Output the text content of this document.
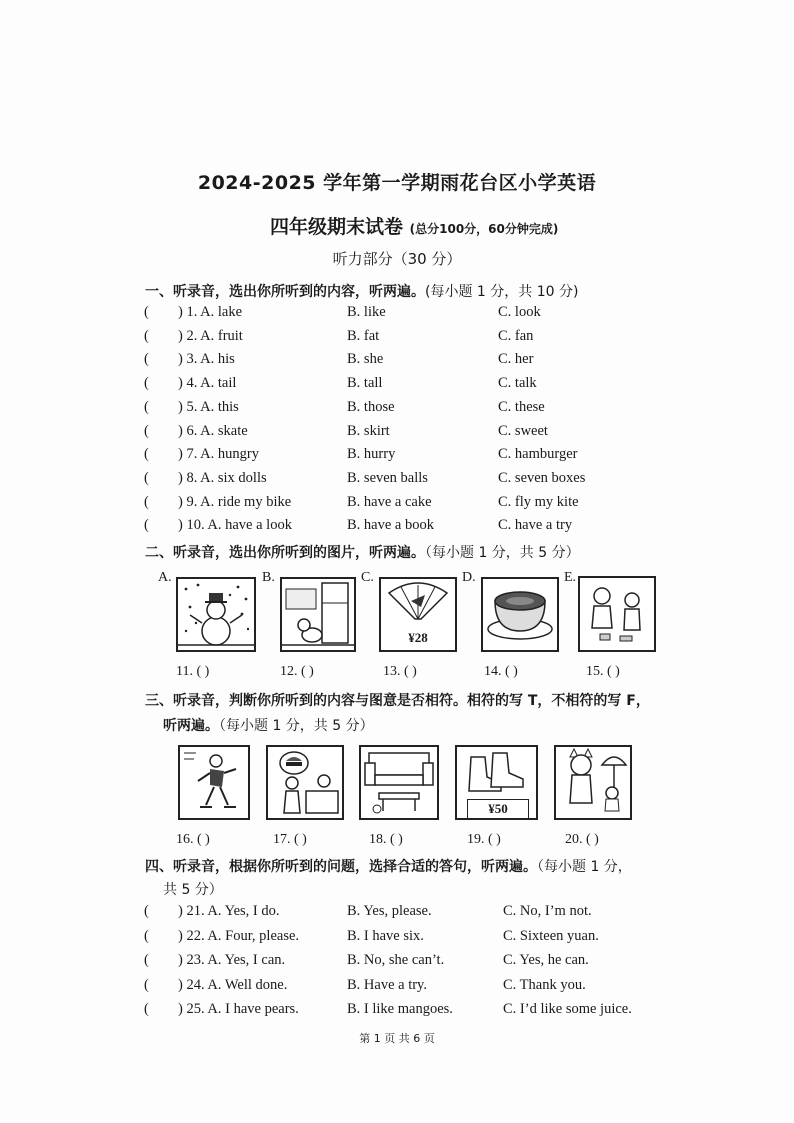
2024-2025 学年第一学期雨花台区小学英语
四年级期末试卷 (总分100分，60分钟完成)
听力部分（30 分）
一、听录音，选出你所听到的内容，听两遍。(每小题 1 分，共 10 分)
( ) 1. A. lake	B. like	C. look
( ) 2. A. fruit	B. fat	C. fan
( ) 3. A. his	B. she	C. her
( ) 4. A. tail	B. tall	C. talk
( ) 5. A. this	B. those	C. these
( ) 6. A. skate	B. skirt	C. sweet
( ) 7. A. hungry	B. hurry	C. hamburger
( ) 8. A. six dolls	B. seven balls	C. seven boxes
( ) 9. A. ride my bike	B. have a cake	C. fly my kite
( ) 10. A. have a look	B. have a book	C. have a try
二、听录音，选出你所听到的图片，听两遍。（每小题 1 分，共 5 分）
A.	B.	C.
¥28
D.	E.
11. ( )	12. ( )	13. ( )	14. ( )	15. ( )
三、听录音，判断你所听到的内容与图意是否相符。相符的写 T，不相符的写 F，
听两遍。（每小题 1 分，共 5 分）
¥50
16. ( )	17. ( )	18. ( )	19. ( )	20. ( )
四、听录音，根据你所听到的问题，选择合适的答句，听两遍。（每小题 1 分，
共 5 分）
( ) 21. A. Yes, I do.	B. Yes, please.	C. No, I’m not.
( ) 22. A. Four, please.	B. I have six.	C. Sixteen yuan.
( ) 23. A. Yes, I can.	B. No, she can’t.	C. Yes, he can.
( ) 24. A. Well done.	B. Have a try.	C. Thank you.
( ) 25. A. I have pears.	B. I like mangoes.	C. I’d like some juice.
第 1 页 共 6 页
